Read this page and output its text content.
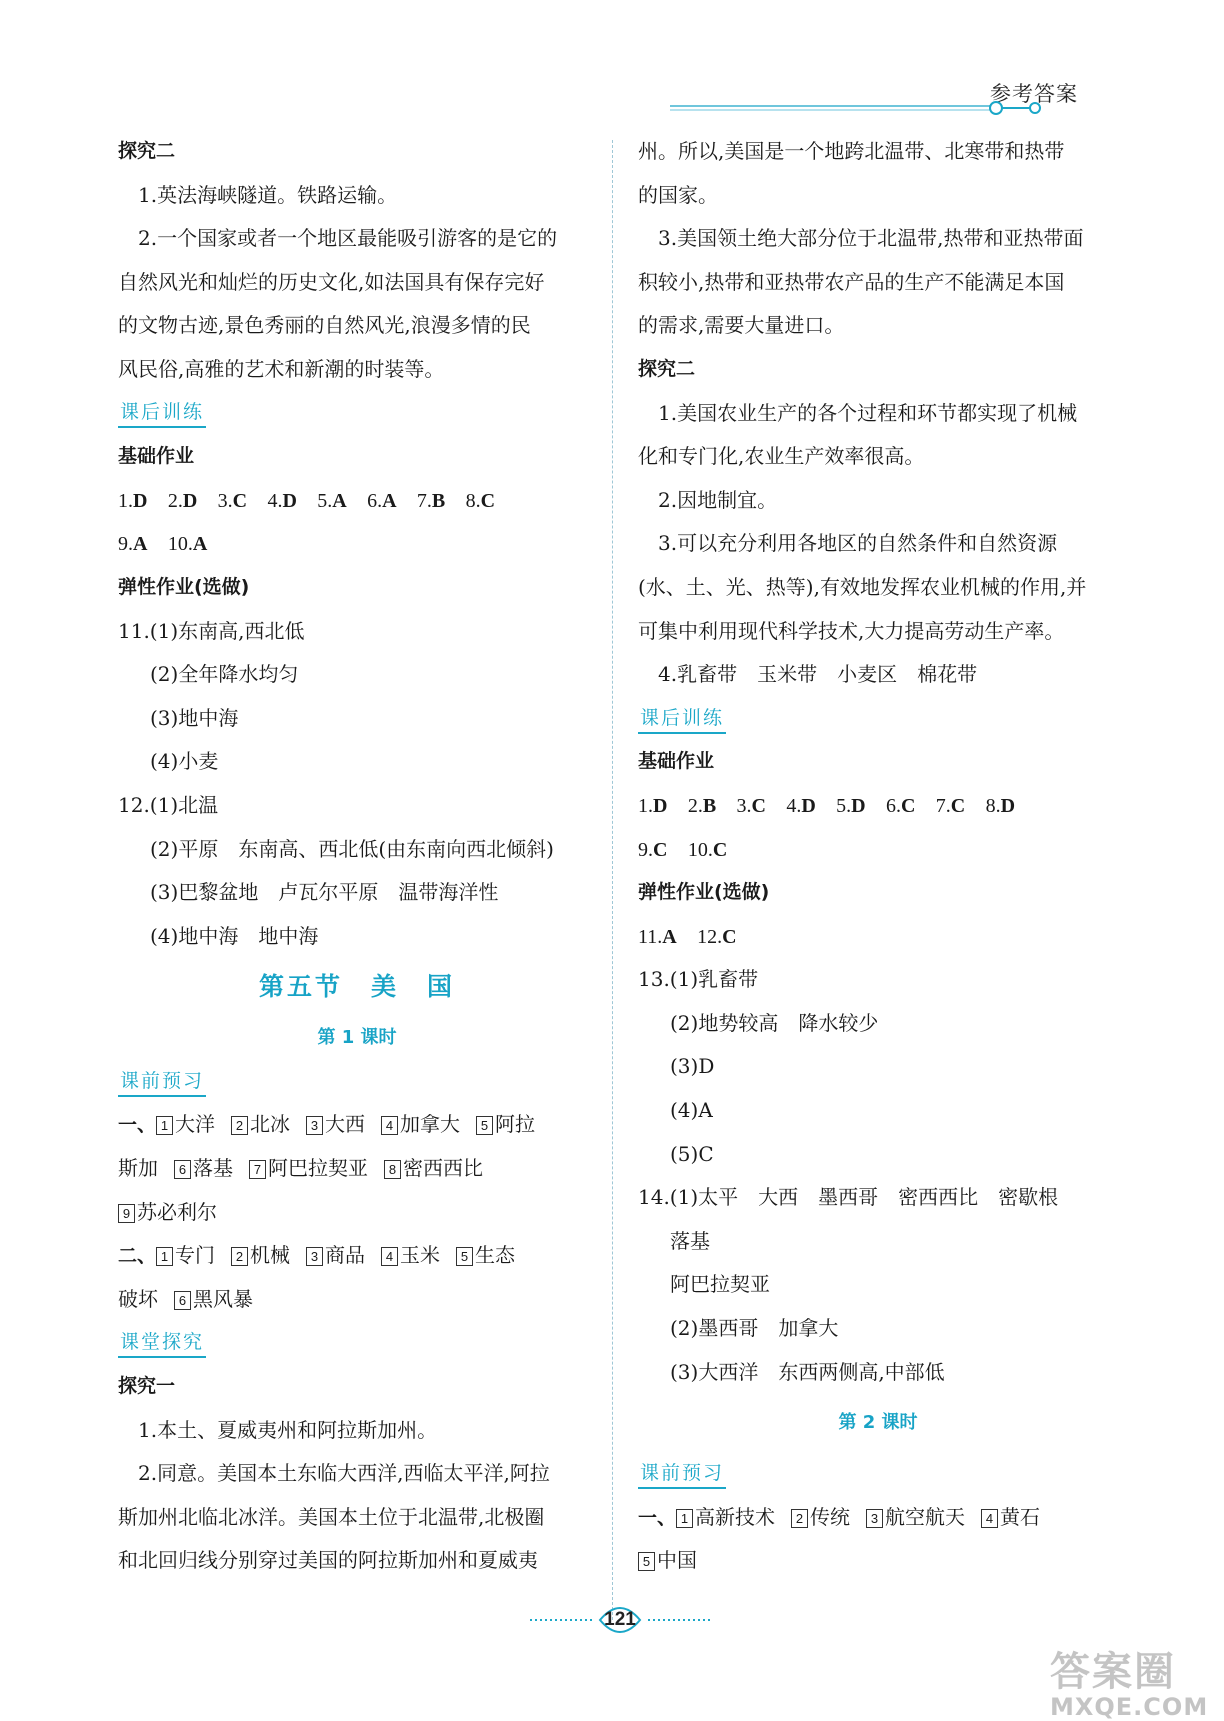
参考答案
探究二
1.英法海峡隧道。铁路运输。
2.一个国家或者一个地区最能吸引游客的是它的
自然风光和灿烂的历史文化,如法国具有保存完好
的文物古迹,景色秀丽的自然风光,浪漫多情的民
风民俗,高雅的艺术和新潮的时装等。
课后训练
基础作业
1.D 2.D 3.C 4.D 5.A 6.A 7.B 8.C
9.A 10.A
弹性作业(选做)
11.(1)东南高,西北低
(2)全年降水均匀
(3)地中海
(4)小麦
12.(1)北温
(2)平原　东南高、西北低(由东南向西北倾斜)
(3)巴黎盆地　卢瓦尔平原　温带海洋性
(4)地中海　地中海
第五节　美　国
第 1 课时
课前预习
一、 1 大洋 2 北冰 3 大西 4 加拿大 5 阿拉
斯加 6 落基 7 阿巴拉契亚 8 密西西比
9 苏必利尔
二、 1 专门 2 机械 3 商品 4 玉米 5 生态
破坏 6 黑风暴
课堂探究
探究一
1.本土、夏威夷州和阿拉斯加州。
2.同意。美国本土东临大西洋,西临太平洋,阿拉
斯加州北临北冰洋。美国本土位于北温带,北极圈
和北回归线分别穿过美国的阿拉斯加州和夏威夷
州。所以,美国是一个地跨北温带、北寒带和热带
的国家。
3.美国领土绝大部分位于北温带,热带和亚热带面
积较小,热带和亚热带农产品的生产不能满足本国
的需求,需要大量进口。
探究二
1.美国农业生产的各个过程和环节都实现了机械
化和专门化,农业生产效率很高。
2.因地制宜。
3.可以充分利用各地区的自然条件和自然资源
(水、土、光、热等),有效地发挥农业机械的作用,并
可集中利用现代科学技术,大力提高劳动生产率。
4.乳畜带　玉米带　小麦区　棉花带
课后训练
基础作业
1.D 2.B 3.C 4.D 5.D 6.C 7.C 8.D
9.C 10.C
弹性作业(选做)
11.A 12.C
13.(1)乳畜带
(2)地势较高　降水较少
(3)D
(4)A
(5)C
14.(1)太平　大西　墨西哥　密西西比　密歇根
落基
阿巴拉契亚
(2)墨西哥　加拿大
(3)大西洋　东西两侧高,中部低
第 2 课时
课前预习
一、 1 高新技术 2 传统 3 航空航天 4 黄石
5 中国
121
答案圈
MXQE.COM
